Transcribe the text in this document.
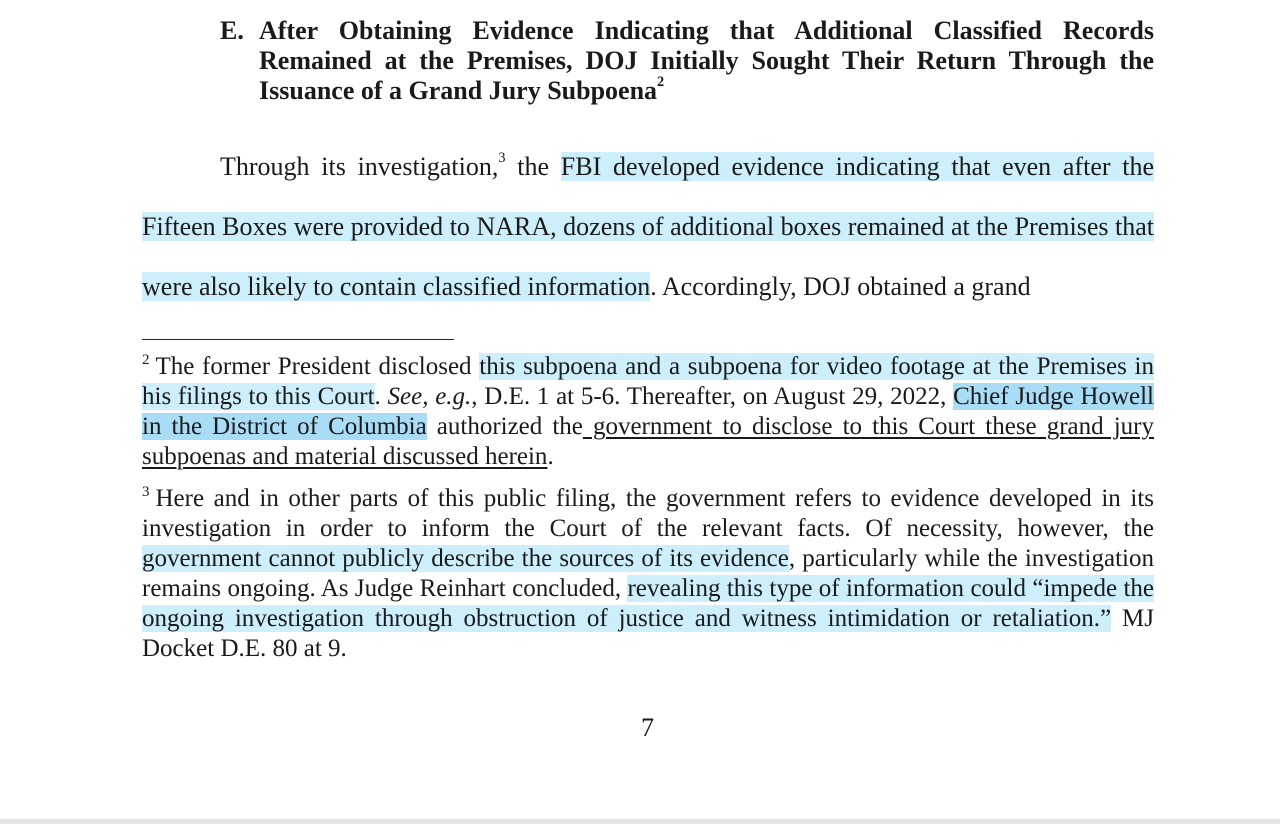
E. After Obtaining Evidence Indicating that Additional Classified Records Remained at the Premises, DOJ Initially Sought Their Return Through the Issuance of a Grand Jury Subpoena$^2$

Through its investigation,$^3$ the FBI developed evidence indicating that even after the Fifteen Boxes were provided to NARA, dozens of additional boxes remained at the Premises that were also likely to contain classified information. Accordingly, DOJ obtained a grand

$^2$ The former President disclosed this subpoena and a subpoena for video footage at the Premises in his filings to this Court. See, e.g., D.E. 1 at 5-6. Thereafter, on August 29, 2022, Chief Judge Howell in the District of Columbia authorized the government to disclose to this Court these grand jury subpoenas and material discussed herein.

$^3$ Here and in other parts of this public filing, the government refers to evidence developed in its investigation in order to inform the Court of the relevant facts. Of necessity, however, the government cannot publicly describe the sources of its evidence, particularly while the investigation remains ongoing. As Judge Reinhart concluded, revealing this type of information could “impede the ongoing investigation through obstruction of justice and witness intimidation or retaliation.” MJ Docket D.E. 80 at 9.

7
